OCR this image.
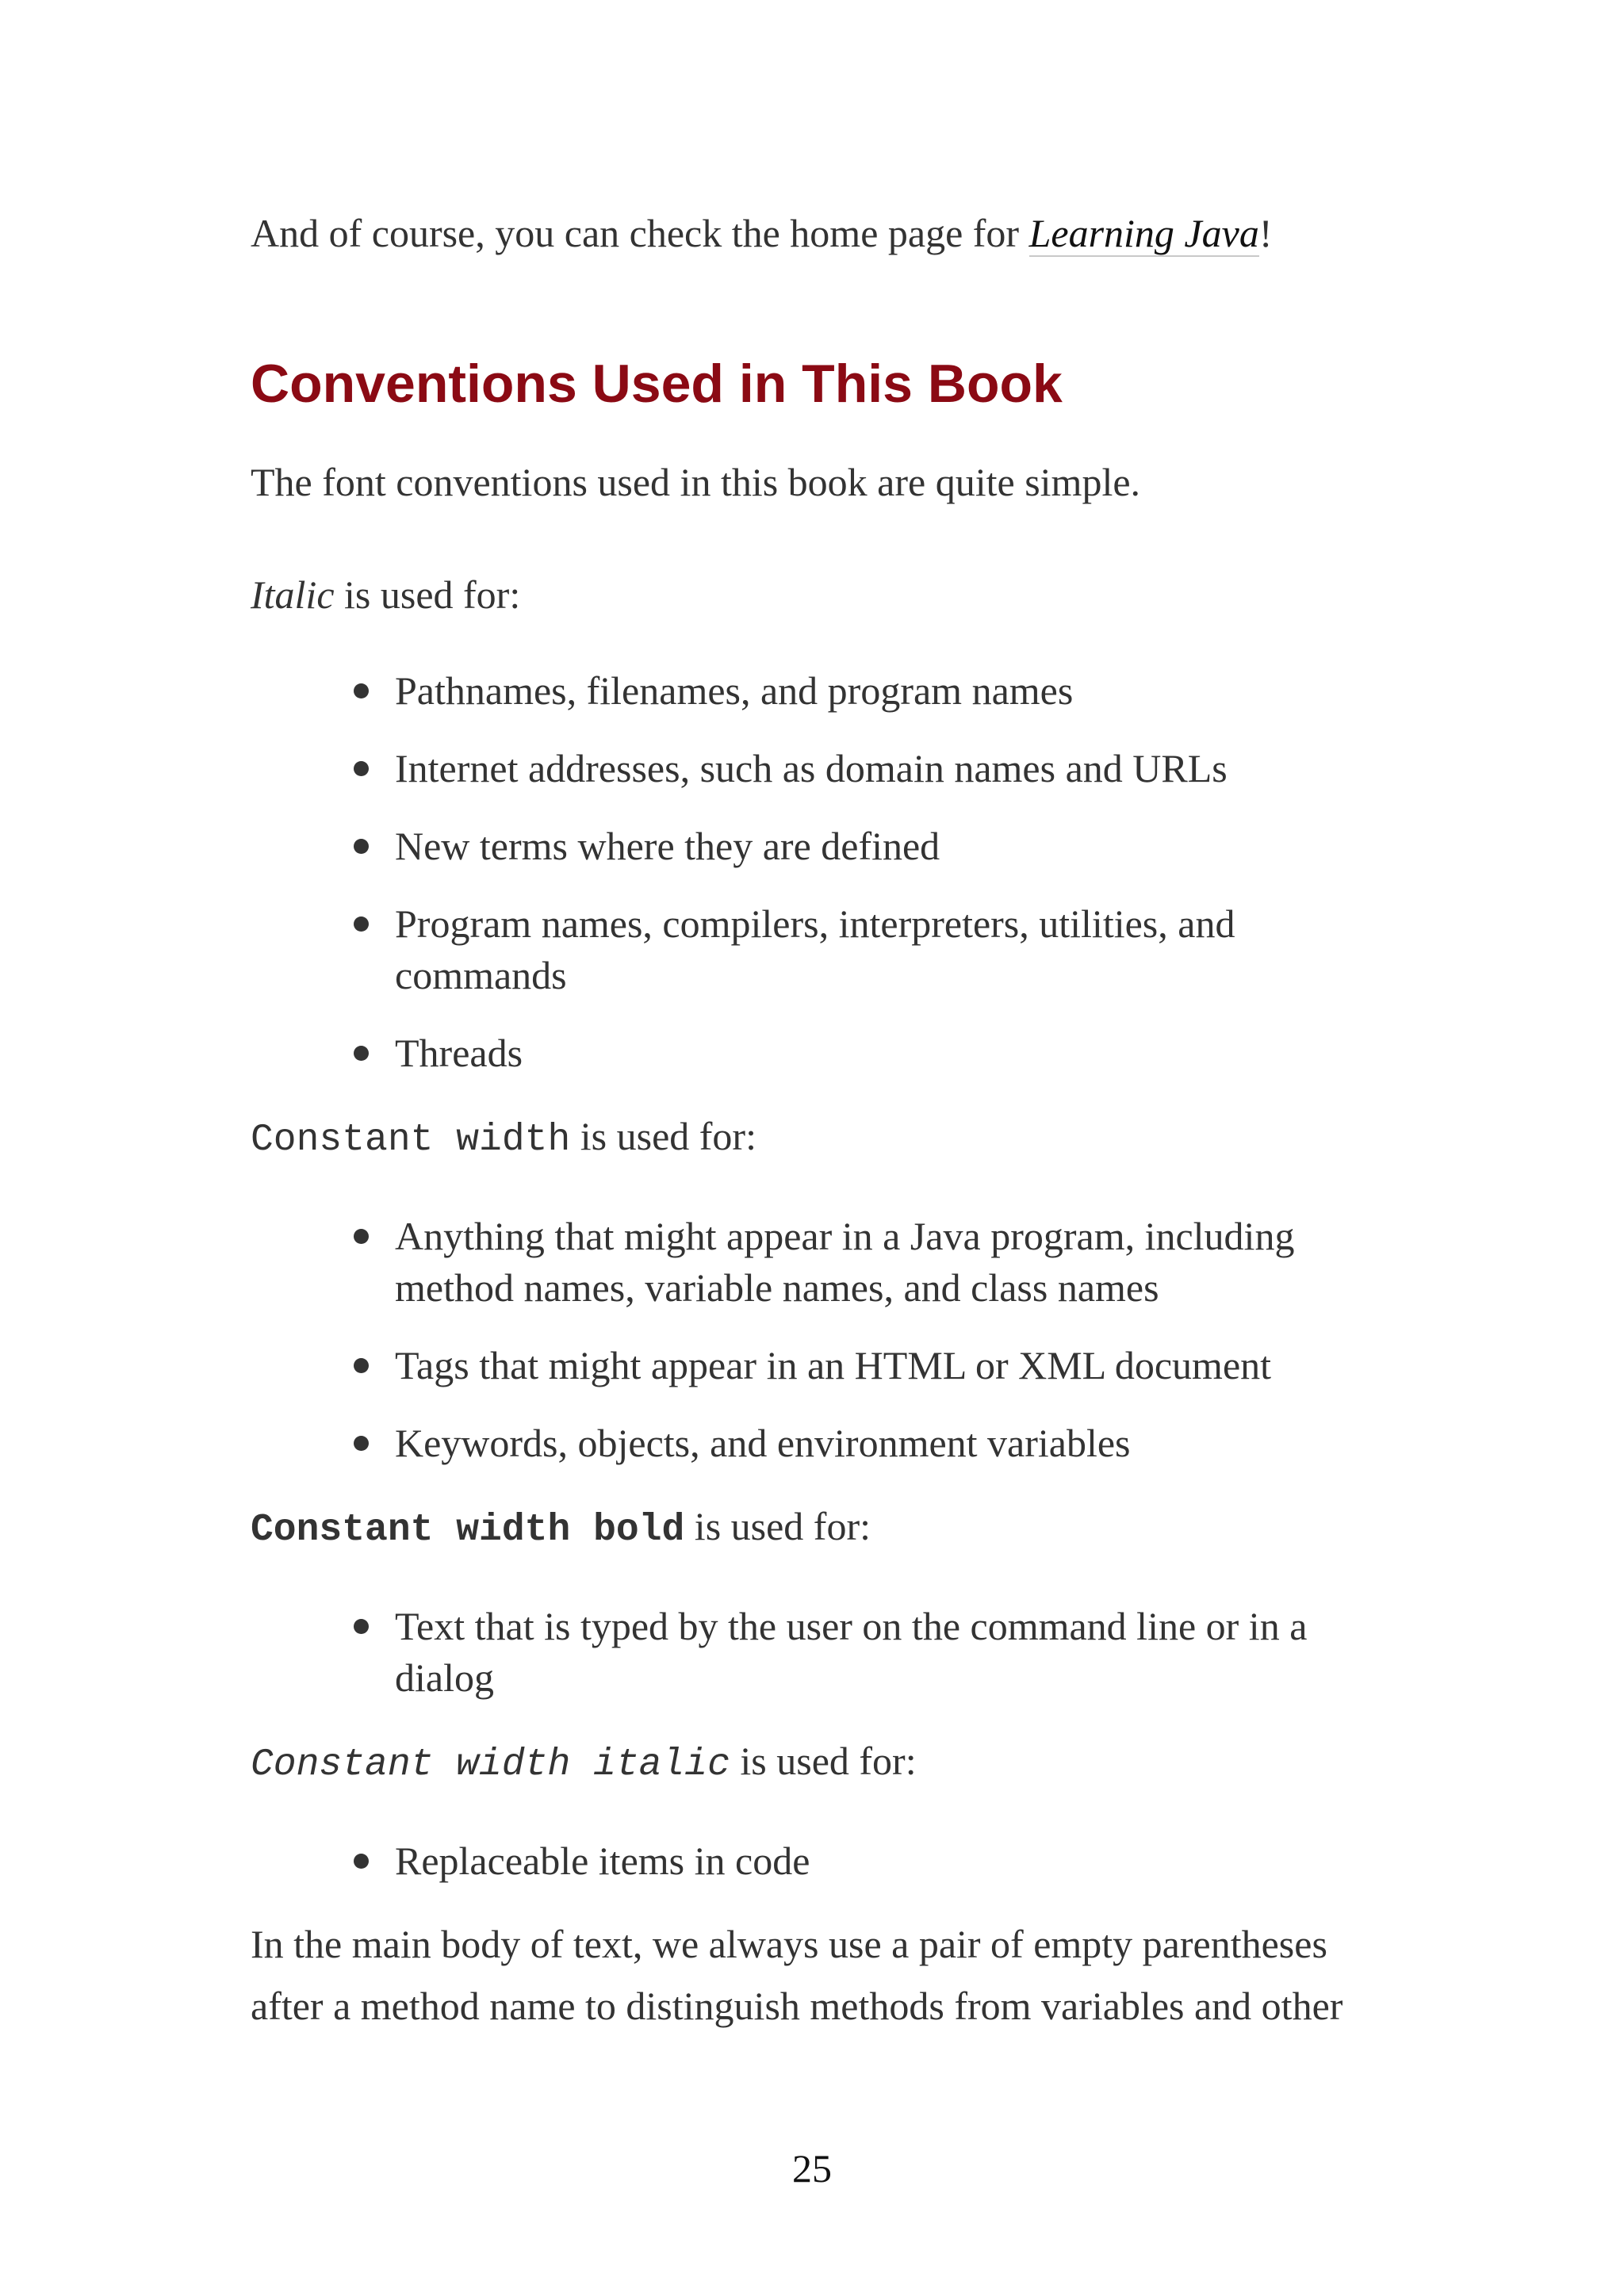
And of course, you can check the home page for Learning Java!

Conventions Used in This Book

The font conventions used in this book are quite simple.

Italic is used for:

Pathnames, filenames, and program names
Internet addresses, such as domain names and URLs
New terms where they are defined
Program names, compilers, interpreters, utilities, and commands
Threads

Constant width is used for:

Anything that might appear in a Java program, including method names, variable names, and class names
Tags that might appear in an HTML or XML document
Keywords, objects, and environment variables

Constant width bold is used for:

Text that is typed by the user on the command line or in a dialog

Constant width italic is used for:

Replaceable items in code

In the main body of text, we always use a pair of empty parentheses after a method name to distinguish methods from variables and other

25
